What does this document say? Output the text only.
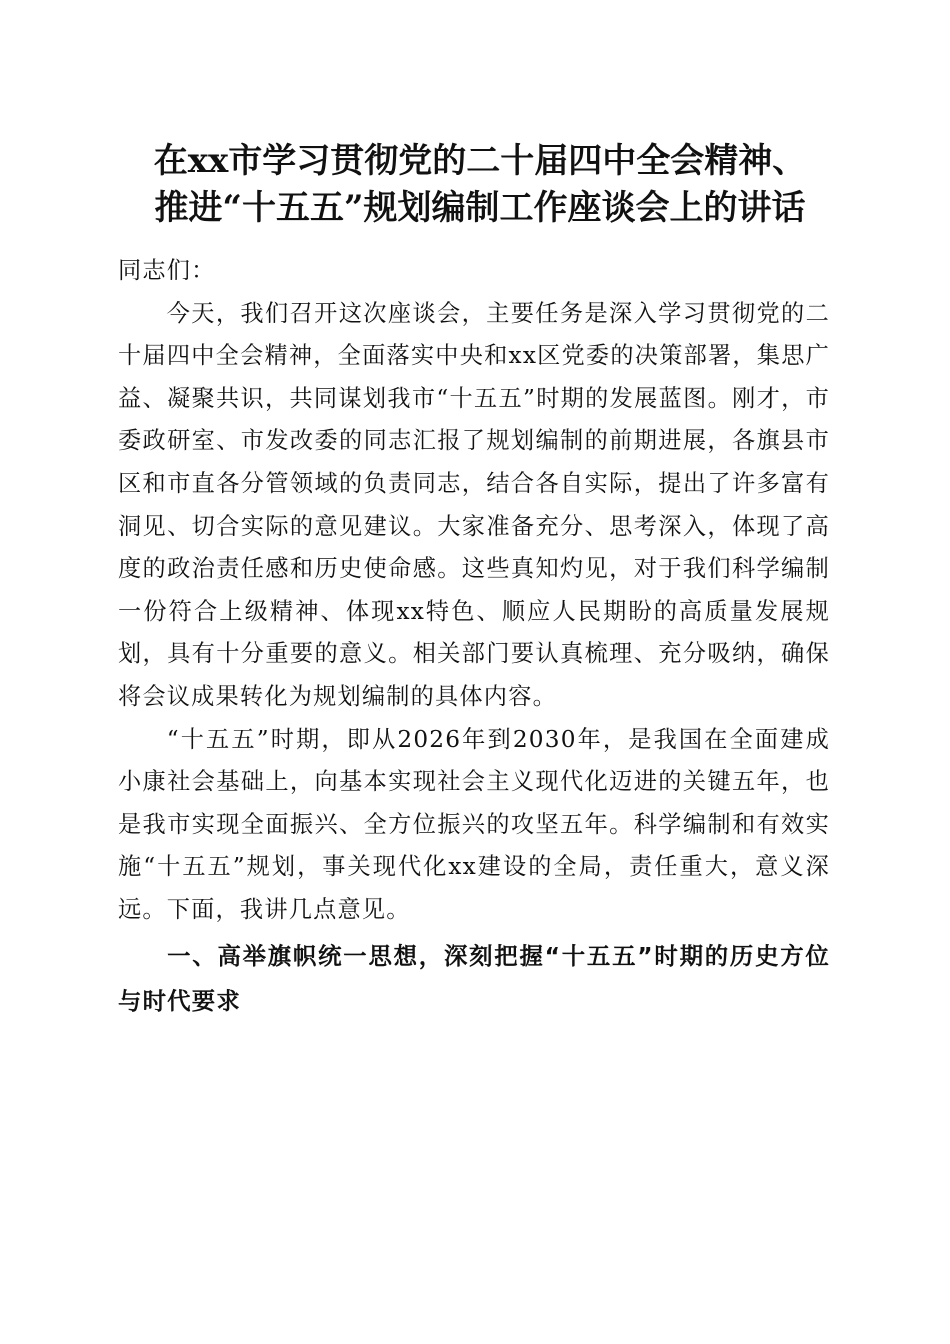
在xx市学习贯彻党的二十届四中全会精神、
推进“十五五”规划编制工作座谈会上的讲话

同志们：

今天，我们召开这次座谈会，主要任务是深入学习贯彻党的二十届四中全会精神，全面落实中央和xx区党委的决策部署，集思广益、凝聚共识，共同谋划我市“十五五”时期的发展蓝图。刚才，市委政研室、市发改委的同志汇报了规划编制的前期进展，各旗县市区和市直各分管领域的负责同志，结合各自实际，提出了许多富有洞见、切合实际的意见建议。大家准备充分、思考深入，体现了高度的政治责任感和历史使命感。这些真知灼见，对于我们科学编制一份符合上级精神、体现xx特色、顺应人民期盼的高质量发展规划，具有十分重要的意义。相关部门要认真梳理、充分吸纳，确保将会议成果转化为规划编制的具体内容。

“十五五”时期，即从2026年到2030年，是我国在全面建成小康社会基础上，向基本实现社会主义现代化迈进的关键五年，也是我市实现全面振兴、全方位振兴的攻坚五年。科学编制和有效实施“十五五”规划，事关现代化xx建设的全局，责任重大，意义深远。下面，我讲几点意见。

一、高举旗帜统一思想，深刻把握“十五五”时期的历史方位与时代要求
